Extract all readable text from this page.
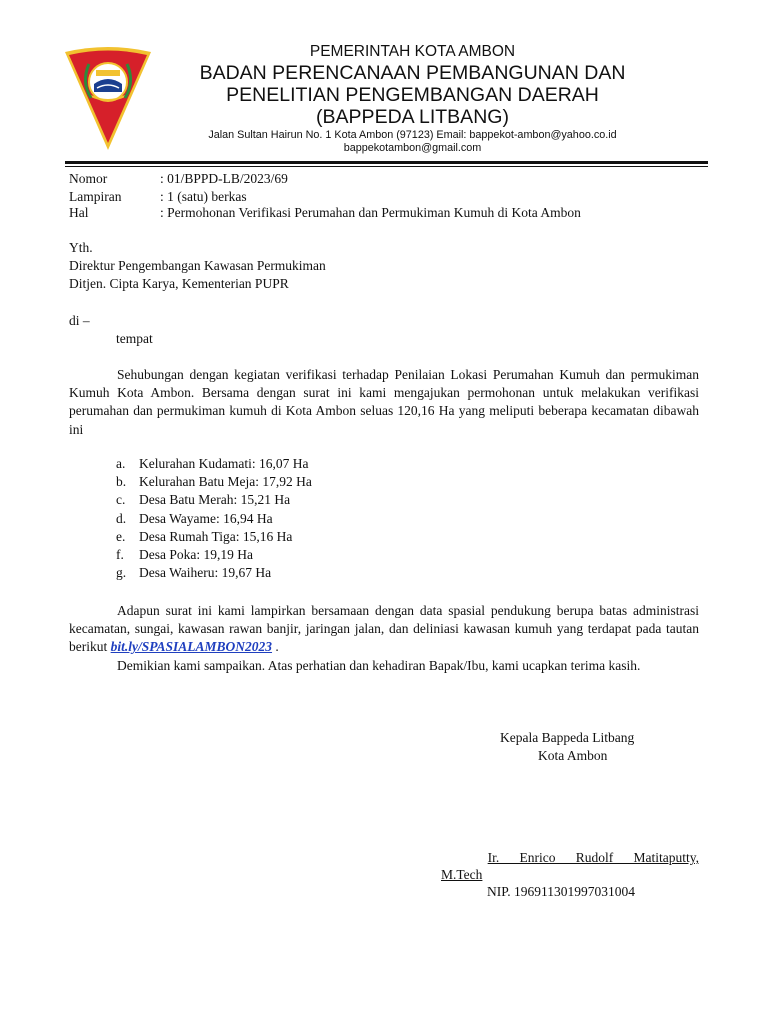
PEMERINTAH KOTA AMBON
BADAN PERENCANAAN PEMBANGUNAN DAN
PENELITIAN PENGEMBANGAN DAERAH
(BAPPEDA LITBANG)
Jalan Sultan Hairun No. 1 Kota Ambon (97123) Email: bappekot-ambon@yahoo.co.id
bappekotambon@gmail.com
Nomor	: 01/BPPD-LB/2023/69
Lampiran	: 1 (satu) berkas
Hal	: Permohonan Verifikasi Perumahan dan Permukiman Kumuh di Kota Ambon
Yth.
Direktur Pengembangan Kawasan Permukiman
Ditjen. Cipta Karya, Kementerian PUPR
di –
tempat
Sehubungan dengan kegiatan verifikasi terhadap Penilaian Lokasi Perumahan Kumuh dan permukiman Kumuh Kota Ambon. Bersama dengan surat ini kami mengajukan permohonan untuk melakukan verifikasi perumahan dan permukiman kumuh di Kota Ambon seluas 120,16 Ha yang meliputi beberapa kecamatan dibawah ini
a.	Kelurahan Kudamati: 16,07 Ha
b. Kelurahan Batu Meja: 17,92 Ha
c.	Desa Batu Merah: 15,21 Ha
d. Desa Wayame: 16,94 Ha
e.	Desa Rumah Tiga: 15,16 Ha
f.	Desa Poka: 19,19 Ha
g. Desa Waiheru: 19,67 Ha
Adapun surat ini kami lampirkan bersamaan dengan data spasial pendukung berupa batas administrasi kecamatan, sungai, kawasan rawan banjir, jaringan jalan, dan deliniasi kawasan kumuh yang terdapat pada tautan berikut bit.ly/SPASIALAMBON2023 .
Demikian kami sampaikan. Atas perhatian dan kehadiran Bapak/Ibu, kami ucapkan terima kasih.
Kepala Bappeda Litbang
Kota Ambon
Ir.      Enrico      Rudolf      Matitaputty,
M.Tech
NIP. 196911301997031004
